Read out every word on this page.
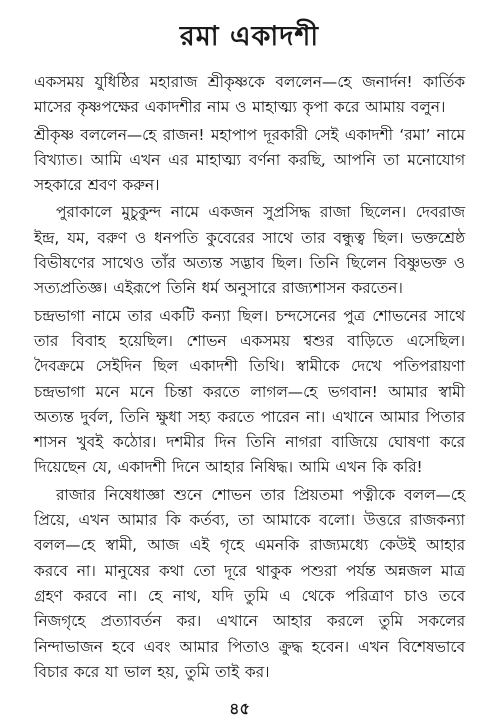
রমা একাদশী

একসময় যুধিষ্ঠির মহারাজ শ্রীকৃষ্ণকে বললেন—হে জনার্দন! কার্তিক মাসের কৃষ্ণপক্ষের একাদশীর নাম ও মাহাত্ম্য কৃপা করে আমায় বলুন।

শ্রীকৃষ্ণ বললেন—হে রাজন! মহাপাপ দূরকারী সেই একাদশী ‘রমা’ নামে বিখ্যাত। আমি এখন এর মাহাত্ম্য বর্ণনা করছি, আপনি তা মনোযোগ সহকারে শ্রবণ করুন।

পুরাকালে মুচুকুন্দ নামে একজন সুপ্রসিদ্ধ রাজা ছিলেন। দেবরাজ ইন্দ্র, যম, বরুণ ও ধনপতি কুবেরের সাথে তার বন্ধুত্ব ছিল। ভক্তশ্রেষ্ঠ বিভীষণের সাথেও তাঁর অত্যন্ত সদ্ভাব ছিল। তিনি ছিলেন বিষ্ণুভক্ত ও সত্যপ্রতিজ্ঞ। এইরূপে তিনি ধর্ম অনুসারে রাজ্যশাসন করতেন।

চন্দ্রভাগা নামে তার একটি কন্যা ছিল। চন্দসেনের পুত্র শোভনের সাথে তার বিবাহ হয়েছিল। শোভন একসময় শ্বশুর বাড়িতে এসেছিল। দৈবক্রমে সেইদিন ছিল একাদশী তিথি। স্বামীকে দেখে পতিপরায়ণা চন্দ্রভাগা মনে মনে চিন্তা করতে লাগল—হে ভগবান! আমার স্বামী অত্যন্ত দুর্বল, তিনি ক্ষুধা সহ্য করতে পারেন না। এখানে আমার পিতার শাসন খুবই কঠোর। দশমীর দিন তিনি নাগরা বাজিয়ে ঘোষণা করে দিয়েছেন যে, একাদশী দিনে আহার নিষিদ্ধ। আমি এখন কি করি!

রাজার নিষেধাজ্ঞা শুনে শোভন তার প্রিয়তমা পত্নীকে বলল—হে প্রিয়ে, এখন আমার কি কর্তব্য, তা আমাকে বলো। উত্তরে রাজকন্যা বলল—হে স্বামী, আজ এই গৃহে এমনকি রাজ্যমধ্যে কেউই আহার করবে না। মানুষের কথা তো দূরে থাকুক পশুরা পর্যন্ত অন্নজল মাত্র গ্রহণ করবে না। হে নাথ, যদি তুমি এ থেকে পরিত্রাণ চাও তবে নিজগৃহে প্রত্যাবর্তন কর। এখানে আহার করলে তুমি সকলের নিন্দাভাজন হবে এবং আমার পিতাও ক্রুদ্ধ হবেন। এখন বিশেষভাবে বিচার করে যা ভাল হয়, তুমি তাই কর।

৪৫
